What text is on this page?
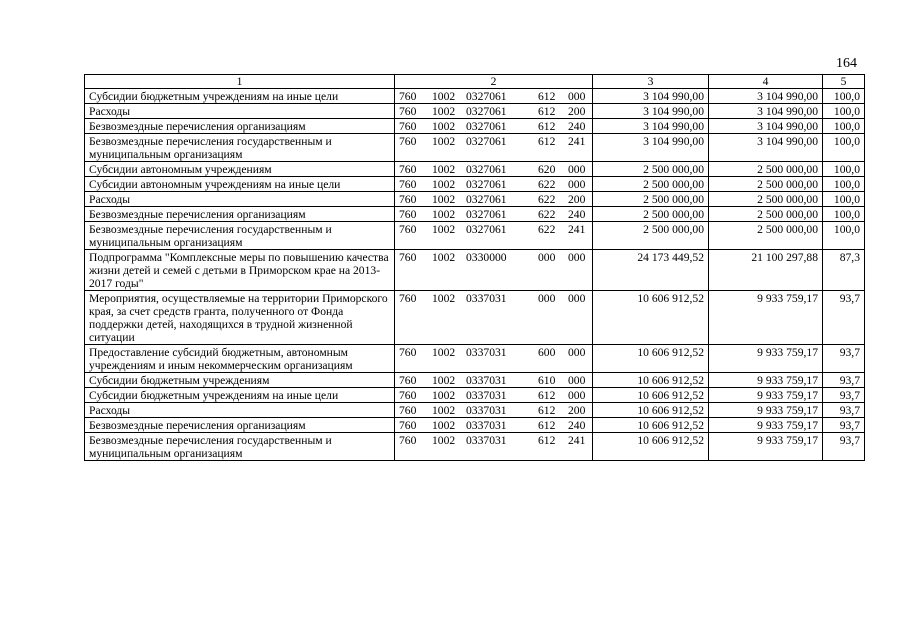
164
1	2	3	4	5
Субсидии бюджетным учреждениям на иные цели	760 1002 0327061 612 000	3 104 990,00	3 104 990,00	100,0
Расходы	760 1002 0327061 612 200	3 104 990,00	3 104 990,00	100,0
Безвозмездные перечисления организациям	760 1002 0327061 612 240	3 104 990,00	3 104 990,00	100,0
Безвозмездные перечисления государственным и муниципальным организациям	760 1002 0327061 612 241	3 104 990,00	3 104 990,00	100,0
Субсидии автономным учреждениям	760 1002 0327061 620 000	2 500 000,00	2 500 000,00	100,0
Субсидии автономным учреждениям на иные цели	760 1002 0327061 622 000	2 500 000,00	2 500 000,00	100,0
Расходы	760 1002 0327061 622 200	2 500 000,00	2 500 000,00	100,0
Безвозмездные перечисления организациям	760 1002 0327061 622 240	2 500 000,00	2 500 000,00	100,0
Безвозмездные перечисления государственным и муниципальным организациям	760 1002 0327061 622 241	2 500 000,00	2 500 000,00	100,0
Подпрограмма "Комплексные меры по повышению качества жизни детей и семей с детьми в Приморском крае на 2013-2017 годы"	760 1002 0330000 000 000	24 173 449,52	21 100 297,88	87,3
Мероприятия, осуществляемые на территории Приморского края, за счет средств гранта, полученного от Фонда поддержки детей, находящихся в трудной жизненной ситуации	760 1002 0337031 000 000	10 606 912,52	9 933 759,17	93,7
Предоставление субсидий бюджетным, автономным учреждениям и иным некоммерческим организациям	760 1002 0337031 600 000	10 606 912,52	9 933 759,17	93,7
Субсидии бюджетным учреждениям	760 1002 0337031 610 000	10 606 912,52	9 933 759,17	93,7
Субсидии бюджетным учреждениям на иные цели	760 1002 0337031 612 000	10 606 912,52	9 933 759,17	93,7
Расходы	760 1002 0337031 612 200	10 606 912,52	9 933 759,17	93,7
Безвозмездные перечисления организациям	760 1002 0337031 612 240	10 606 912,52	9 933 759,17	93,7
Безвозмездные перечисления государственным и муниципальным организациям	760 1002 0337031 612 241	10 606 912,52	9 933 759,17	93,7
